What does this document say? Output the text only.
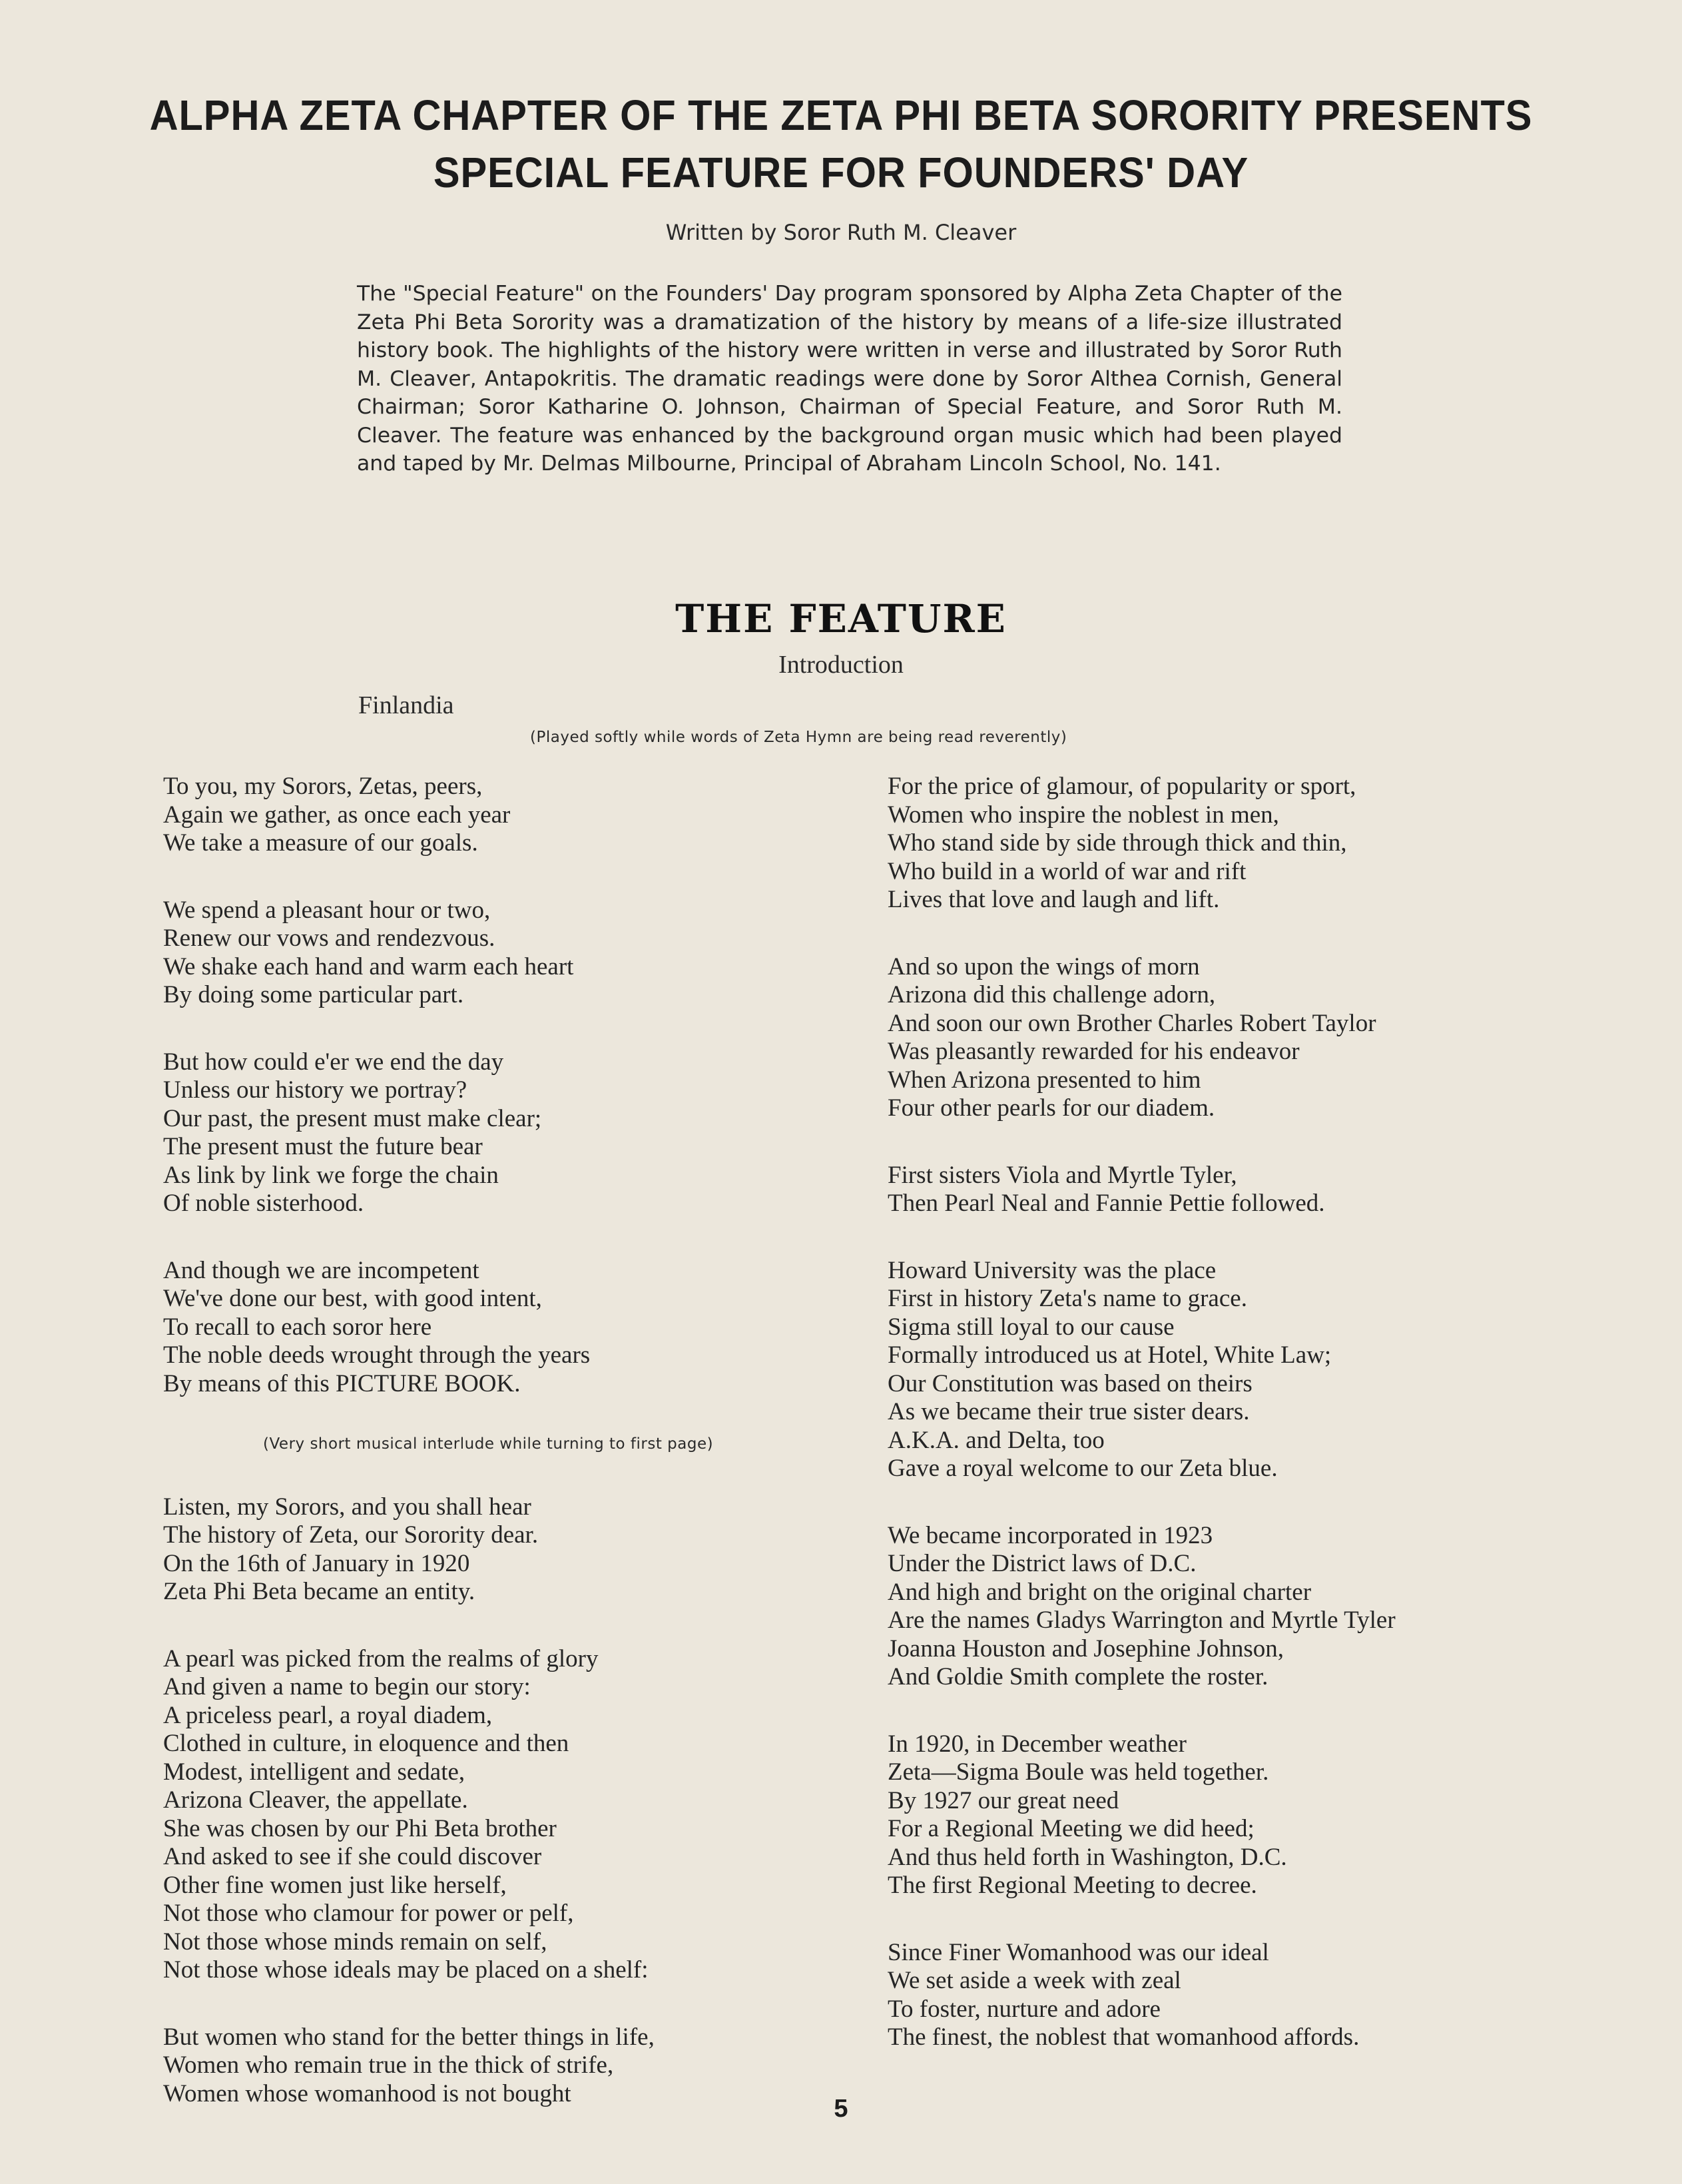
ALPHA ZETA CHAPTER OF THE ZETA PHI BETA SORORITY PRESENTS
SPECIAL FEATURE FOR FOUNDERS' DAY
Written by Soror Ruth M. Cleaver
The "Special Feature" on the Founders' Day program sponsored by Alpha Zeta Chapter of the Zeta Phi Beta Sorority was a dramatization of the history by means of a life-size illustrated history book. The highlights of the history were written in verse and illustrated by Soror Ruth M. Cleaver, Antapokritis. The dramatic readings were done by Soror Althea Cornish, General Chairman; Soror Katharine O. Johnson, Chairman of Special Feature, and Soror Ruth M. Cleaver. The feature was enhanced by the background organ music which had been played and taped by Mr. Delmas Milbourne, Principal of Abraham Lincoln School, No. 141.
THE FEATURE
Introduction
Finlandia
(Played softly while words of Zeta Hymn are being read reverently)
To you, my Sorors, Zetas, peers,
Again we gather, as once each year
We take a measure of our goals.
We spend a pleasant hour or two,
Renew our vows and rendezvous.
We shake each hand and warm each heart
By doing some particular part.
But how could e'er we end the day
Unless our history we portray?
Our past, the present must make clear;
The present must the future bear
As link by link we forge the chain
Of noble sisterhood.
And though we are incompetent
We've done our best, with good intent,
To recall to each soror here
The noble deeds wrought through the years
By means of this PICTURE BOOK.
(Very short musical interlude while turning to first page)
Listen, my Sorors, and you shall hear
The history of Zeta, our Sorority dear.
On the 16th of January in 1920
Zeta Phi Beta became an entity.
A pearl was picked from the realms of glory
And given a name to begin our story:
A priceless pearl, a royal diadem,
Clothed in culture, in eloquence and then
Modest, intelligent and sedate,
Arizona Cleaver, the appellate.
She was chosen by our Phi Beta brother
And asked to see if she could discover
Other fine women just like herself,
Not those who clamour for power or pelf,
Not those whose minds remain on self,
Not those whose ideals may be placed on a shelf:
But women who stand for the better things in life,
Women who remain true in the thick of strife,
Women whose womanhood is not bought
For the price of glamour, of popularity or sport,
Women who inspire the noblest in men,
Who stand side by side through thick and thin,
Who build in a world of war and rift
Lives that love and laugh and lift.
And so upon the wings of morn
Arizona did this challenge adorn,
And soon our own Brother Charles Robert Taylor
Was pleasantly rewarded for his endeavor
When Arizona presented to him
Four other pearls for our diadem.
First sisters Viola and Myrtle Tyler,
Then Pearl Neal and Fannie Pettie followed.
Howard University was the place
First in history Zeta's name to grace.
Sigma still loyal to our cause
Formally introduced us at Hotel, White Law;
Our Constitution was based on theirs
As we became their true sister dears.
A.K.A. and Delta, too
Gave a royal welcome to our Zeta blue.
We became incorporated in 1923
Under the District laws of D.C.
And high and bright on the original charter
Are the names Gladys Warrington and Myrtle Tyler
Joanna Houston and Josephine Johnson,
And Goldie Smith complete the roster.
In 1920, in December weather
Zeta—Sigma Boule was held together.
By 1927 our great need
For a Regional Meeting we did heed;
And thus held forth in Washington, D.C.
The first Regional Meeting to decree.
Since Finer Womanhood was our ideal
We set aside a week with zeal
To foster, nurture and adore
The finest, the noblest that womanhood affords.
5
